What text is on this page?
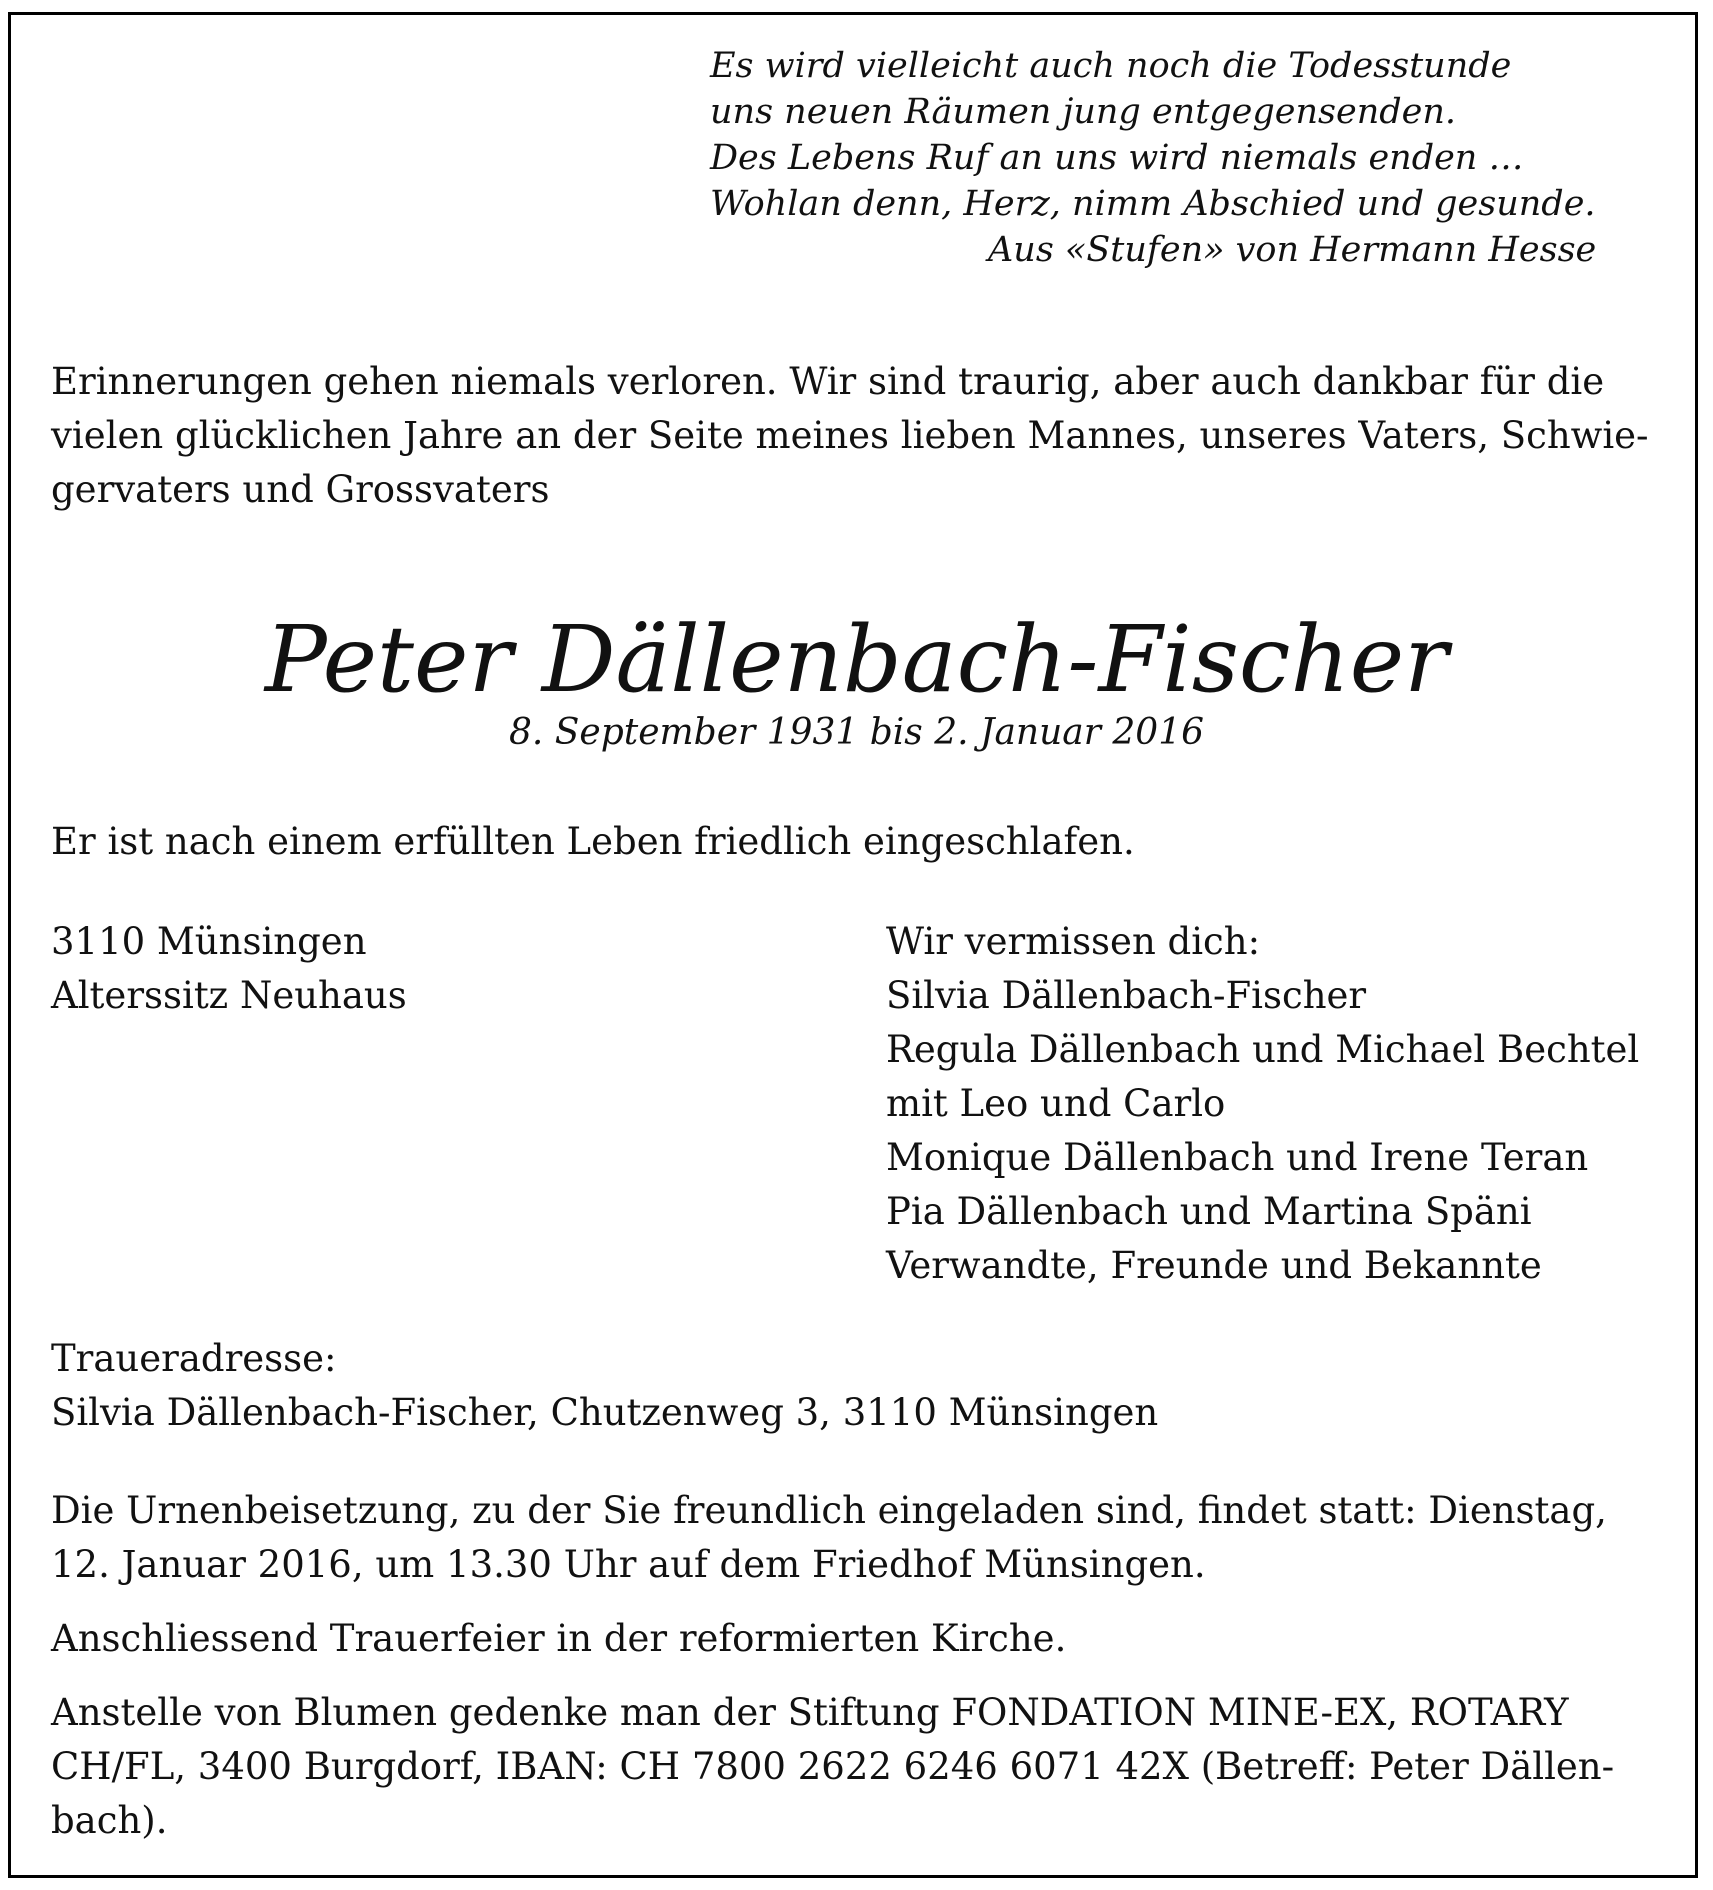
Es wird vielleicht auch noch die Todesstunde
uns neuen Räumen jung entgegensenden.
Des Lebens Ruf an uns wird niemals enden …
Wohlan denn, Herz, nimm Abschied und gesunde.
Aus «Stufen» von Hermann Hesse
Erinnerungen gehen niemals verloren. Wir sind traurig, aber auch dankbar für die
vielen glücklichen Jahre an der Seite meines lieben Mannes, unseres Vaters, Schwie-
gervaters und Grossvaters
Peter Dällenbach-Fischer
8. September 1931 bis 2. Januar 2016
Er ist nach einem erfüllten Leben friedlich eingeschlafen.
3110 Münsingen
Alterssitz Neuhaus
Wir vermissen dich:
Silvia Dällenbach-Fischer
Regula Dällenbach und Michael Bechtel
mit Leo und Carlo
Monique Dällenbach und Irene Teran
Pia Dällenbach und Martina Späni
Verwandte, Freunde und Bekannte
Traueradresse:
Silvia Dällenbach-Fischer, Chutzenweg 3, 3110 Münsingen
Die Urnenbeisetzung, zu der Sie freundlich eingeladen sind, findet statt: Dienstag,
12. Januar 2016, um 13.30 Uhr auf dem Friedhof Münsingen.
Anschliessend Trauerfeier in der reformierten Kirche.
Anstelle von Blumen gedenke man der Stiftung FONDATION MINE-EX, ROTARY
CH/FL, 3400 Burgdorf, IBAN: CH 7800 2622 6246 6071 42X (Betreff: Peter Dällen-
bach).
